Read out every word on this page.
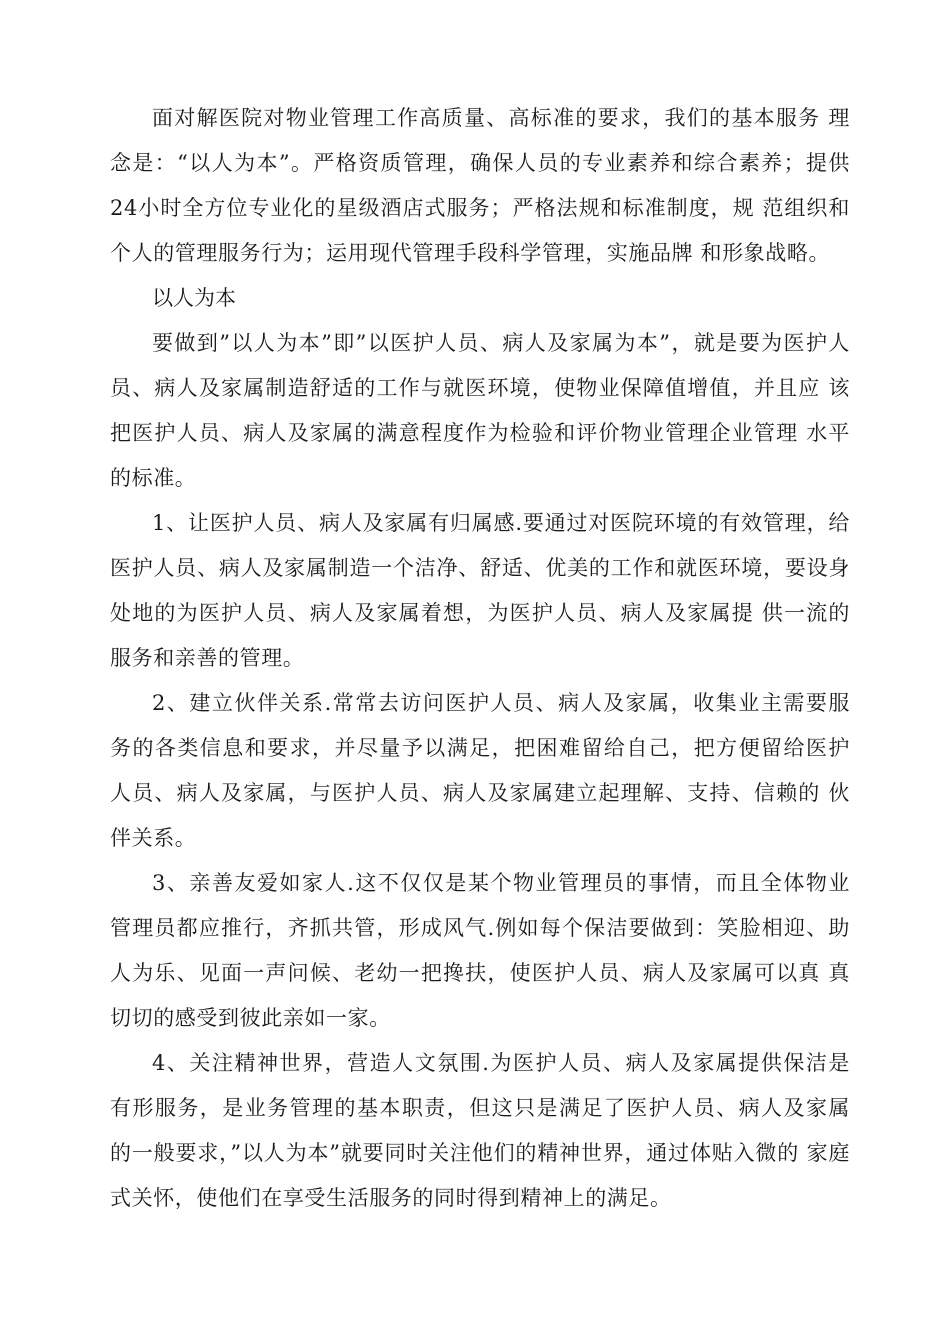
面对解医院对物业管理工作高质量、高标准的要求，我们的基本服务 理念是：“以人为本”。严格资质管理，确保人员的专业素养和综合素养；提供24小时全方位专业化的星级酒店式服务；严格法规和标准制度，规 范组织和个人的管理服务行为；运用现代管理手段科学管理，实施品牌 和形象战略。

以人为本

要做到”以人为本”即”以医护人员、病人及家属为本”，就是要为医护人员、病人及家属制造舒适的工作与就医环境，使物业保障值增值，并且应 该把医护人员、病人及家属的满意程度作为检验和评价物业管理企业管理 水平的标准。

1、让医护人员、病人及家属有归属感.要通过对医院环境的有效管理，给医护人员、病人及家属制造一个洁净、舒适、优美的工作和就医环境，要设身处地的为医护人员、病人及家属着想，为医护人员、病人及家属提 供一流的服务和亲善的管理。

2、建立伙伴关系.常常去访问医护人员、病人及家属，收集业主需要服 务的各类信息和要求，并尽量予以满足，把困难留给自己，把方便留给医护 人员、病人及家属，与医护人员、病人及家属建立起理解、支持、信赖的 伙伴关系。

3、亲善友爱如家人.这不仅仅是某个物业管理员的事情，而且全体物业 管理员都应推行，齐抓共管，形成风气.例如每个保洁要做到：笑脸相迎、助 人为乐、见面一声问候、老幼一把搀扶，使医护人员、病人及家属可以真 真切切的感受到彼此亲如一家。

4、关注精神世界，营造人文氛围.为医护人员、病人及家属提供保洁是 有形服务，是业务管理的基本职责，但这只是满足了医护人员、病人及家属 的一般要求，”以人为本”就要同时关注他们的精神世界，通过体贴入微的 家庭式关怀，使他们在享受生活服务的同时得到精神上的满足。
